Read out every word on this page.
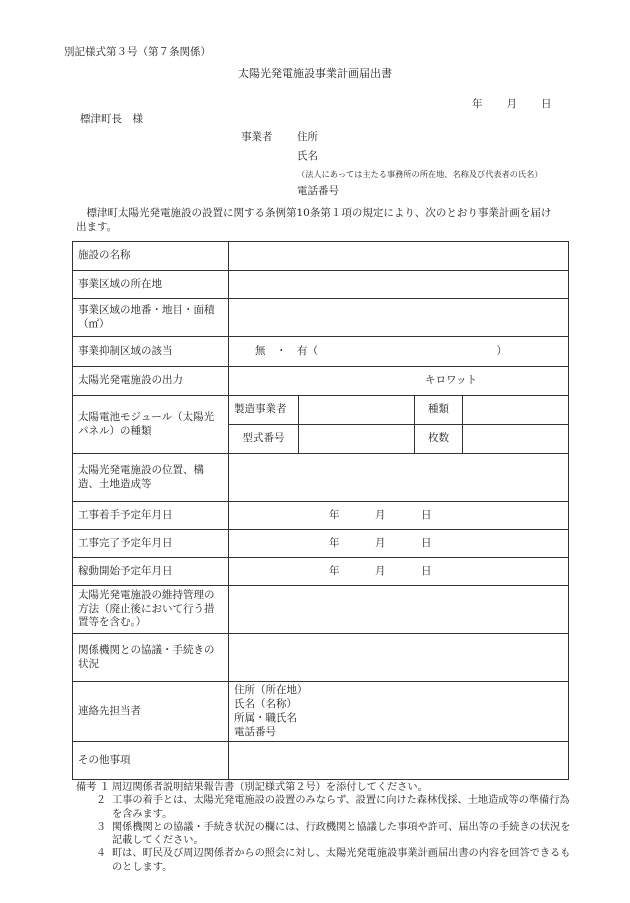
別記様式第３号（第７条関係）
太陽光発電施設事業計画届出書
年 月 日
標津町長　様
事業者	住所
氏名
（法人にあっては主たる事務所の所在地、名称及び代表者の氏名）
電話番号
　標津町太陽光発電施設の設置に関する条例第10条第１項の規定により、次のとおり事業計画を届け出ます。
施設の名称				
事業区域の所在地				
事業区域の地番・地目・面積（㎡）				
事業抑制区域の該当	無　・　有（　　　　　　　　　　　　　　　　　）			
太陽光発電施設の出力	キロワット			
太陽電池モジュール（太陽光パネル）の種類	製造事業者		種類	
	型式番号		枚数	
太陽光発電施設の位置、構造、土地造成等				
工事着手予定年月日	年 月 日			
工事完了予定年月日	年 月 日			
稼動開始予定年月日	年 月 日			
太陽光発電施設の維持管理の方法（廃止後において行う措置等を含む。）				
関係機関との協議・手続きの状況				
連絡先担当者	住所（所在地）
氏名（名称）
所属・職氏名
電話番号			

その他事項				
備考 １ 周辺関係者説明結果報告書（別記様式第２号）を添付してください。
２ 工事の着手とは、太陽光発電施設の設置のみならず、設置に向けた森林伐採、土地造成等の準備行為を含みます。
３ 関係機関との協議・手続き状況の欄には、行政機関と協議した事項や許可、届出等の手続きの状況を記載してください。
４ 町は、町民及び周辺関係者からの照会に対し、太陽光発電施設事業計画届出書の内容を回答できるものとします。
